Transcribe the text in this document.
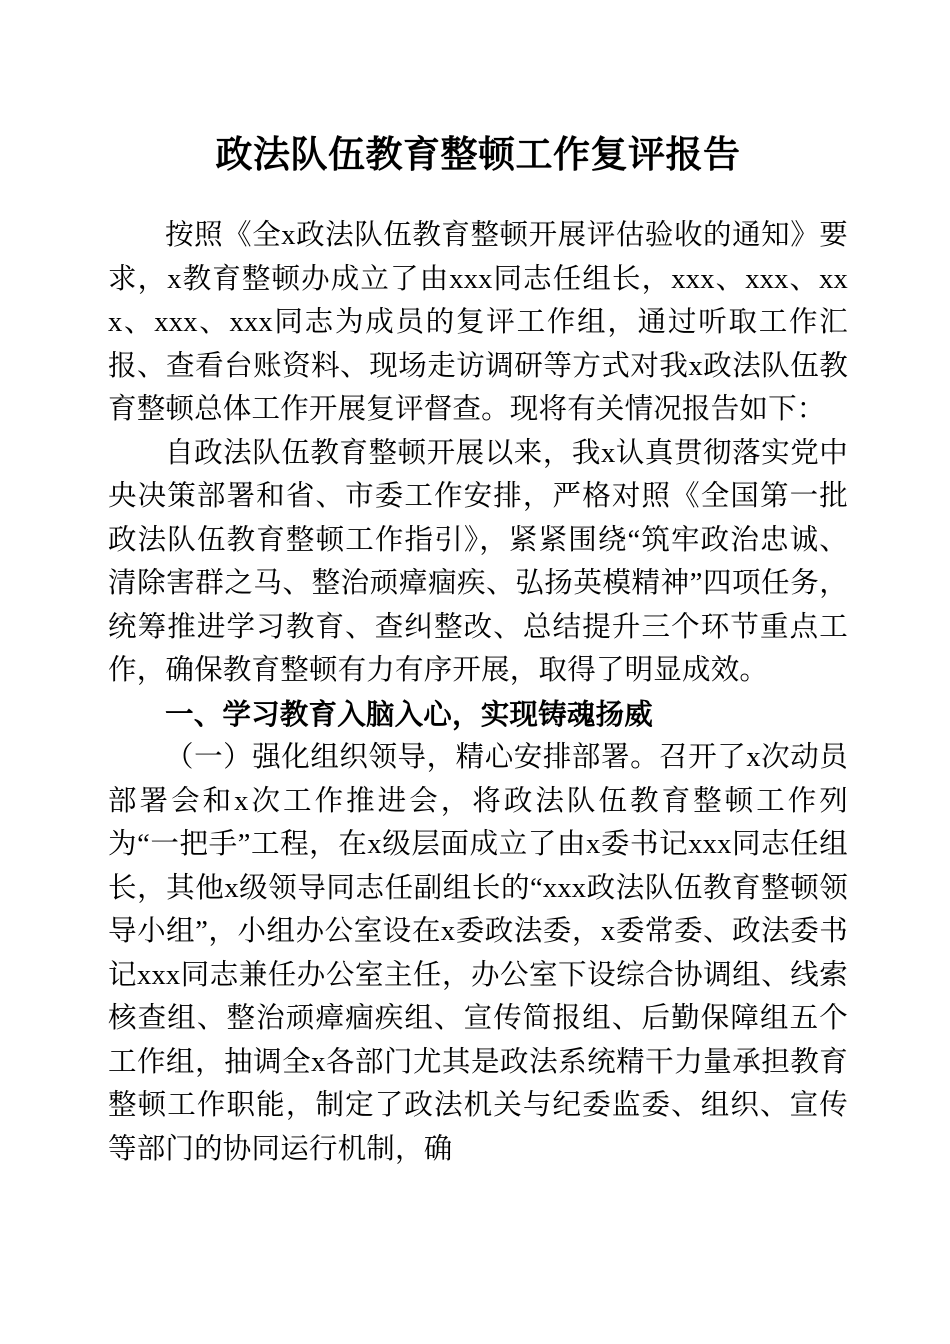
政法队伍教育整顿工作复评报告

按照《全x政法队伍教育整顿开展评估验收的通知》要求，x教育整顿办成立了由xxx同志任组长，xxx、xxx、xxx、xxx、xxx同志为成员的复评工作组，通过听取工作汇报、查看台账资料、现场走访调研等方式对我x政法队伍教育整顿总体工作开展复评督查。现将有关情况报告如下：

自政法队伍教育整顿开展以来，我x认真贯彻落实党中央决策部署和省、市委工作安排，严格对照《全国第一批政法队伍教育整顿工作指引》，紧紧围绕“筑牢政治忠诚、清除害群之马、整治顽瘴痼疾、弘扬英模精神”四项任务，统筹推进学习教育、查纠整改、总结提升三个环节重点工作，确保教育整顿有力有序开展，取得了明显成效。

一、学习教育入脑入心，实现铸魂扬威

（一）强化组织领导，精心安排部署。召开了x次动员部署会和x次工作推进会，将政法队伍教育整顿工作列为“一把手”工程，在x级层面成立了由x委书记xxx同志任组长，其他x级领导同志任副组长的“xxx政法队伍教育整顿领导小组”，小组办公室设在x委政法委，x委常委、政法委书记xxx同志兼任办公室主任，办公室下设综合协调组、线索核查组、整治顽瘴痼疾组、宣传简报组、后勤保障组五个工作组，抽调全x各部门尤其是政法系统精干力量承担教育整顿工作职能，制定了政法机关与纪委监委、组织、宣传等部门的协同运行机制，确
